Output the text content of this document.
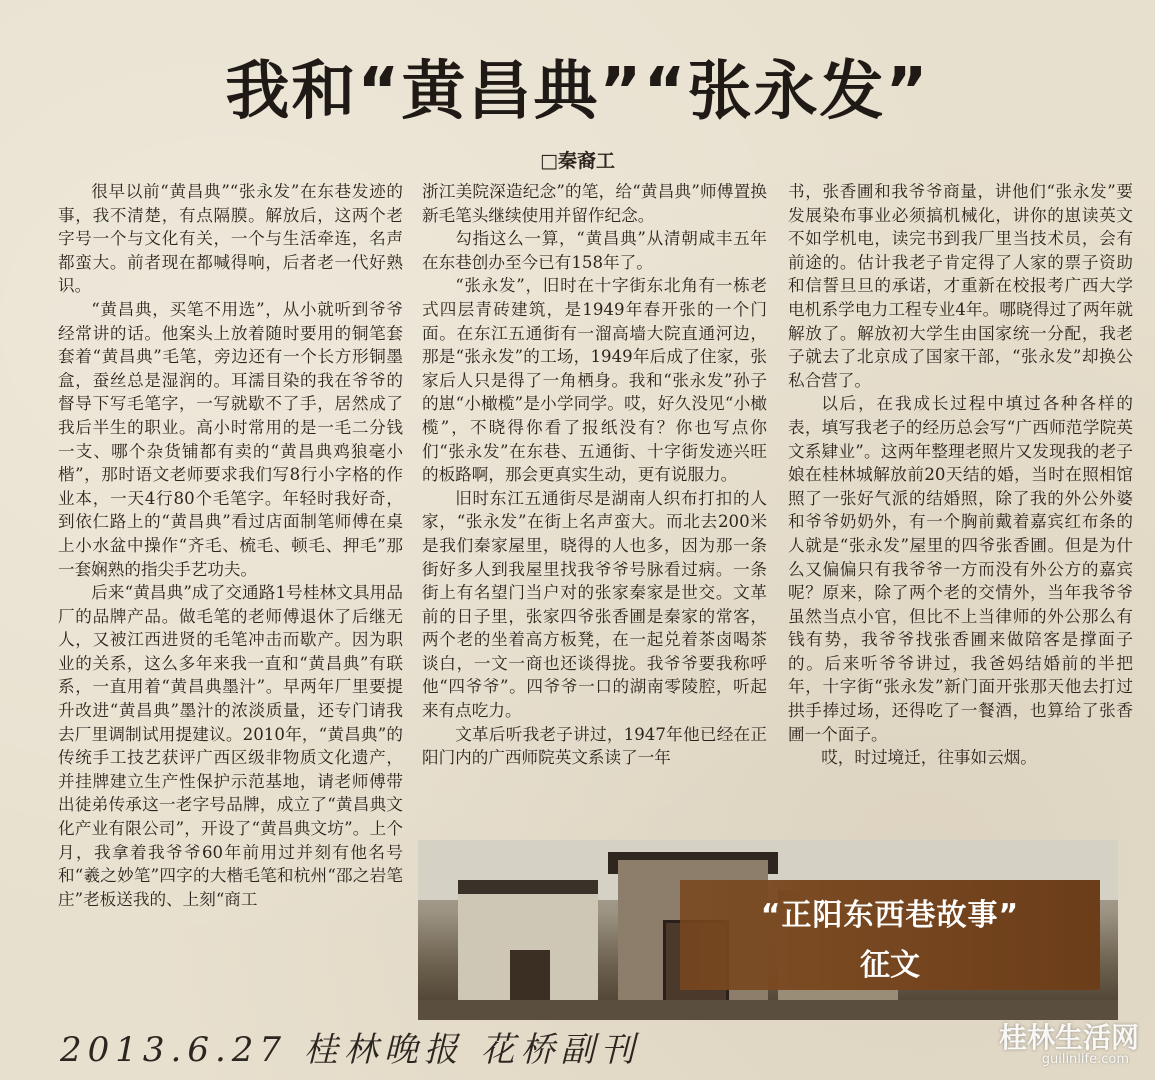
我和“黄昌典”“张永发”
□秦裔工

很早以前“黄昌典”“张永发”在东巷发迹的事，我不清楚，有点隔膜。解放后，这两个老字号一个与文化有关，一个与生活牵连，名声都蛮大。前者现在都喊得响，后者老一代好熟识。

“黄昌典，买笔不用选”，从小就听到爷爷经常讲的话。他案头上放着随时要用的铜笔套套着“黄昌典”毛笔，旁边还有一个长方形铜墨盒，蚕丝总是湿润的。耳濡目染的我在爷爷的督导下写毛笔字，一写就歇不了手，居然成了我后半生的职业。高小时常用的是一毛二分钱一支、哪个杂货铺都有卖的“黄昌典鸡狼毫小楷”，那时语文老师要求我们写8行小字格的作业本，一天4行80个毛笔字。年轻时我好奇，到依仁路上的“黄昌典”看过店面制笔师傅在桌上小水盆中操作“齐毛、梳毛、顿毛、押毛”那一套娴熟的指尖手艺功夫。

后来“黄昌典”成了交通路1号桂林文具用品厂的品牌产品。做毛笔的老师傅退休了后继无人，又被江西进贤的毛笔冲击而歇产。因为职业的关系，这么多年来我一直和“黄昌典”有联系，一直用着“黄昌典墨汁”。早两年厂里要提升改进“黄昌典”墨汁的浓淡质量，还专门请我去厂里调制试用提建议。2010年，“黄昌典”的传统手工技艺获评广西区级非物质文化遗产，并挂牌建立生产性保护示范基地，请老师傅带出徒弟传承这一老字号品牌，成立了“黄昌典文化产业有限公司”，开设了“黄昌典文坊”。上个月，我拿着我爷爷60年前用过并刻有他名号和“羲之妙笔”四字的大楷毛笔和杭州“邵之岩笔庄”老板送我的、上刻“商工

浙江美院深造纪念”的笔，给“黄昌典”师傅置换新毛笔头继续使用并留作纪念。

勾指这么一算，“黄昌典”从清朝咸丰五年在东巷创办至今已有158年了。

“张永发”，旧时在十字街东北角有一栋老式四层青砖建筑，是1949年春开张的一个门面。在东江五通街有一溜高墙大院直通河边，那是“张永发”的工场，1949年后成了住家，张家后人只是得了一角栖身。我和“张永发”孙子的崽“小橄榄”是小学同学。哎，好久没见“小橄榄”，不晓得你看了报纸没有？你也写点你们“张永发”在东巷、五通街、十字街发迹兴旺的板路啊，那会更真实生动，更有说服力。

旧时东江五通街尽是湖南人织布打扣的人家，“张永发”在街上名声蛮大。而北去200米是我们秦家屋里，晓得的人也多，因为那一条街好多人到我屋里找我爷爷号脉看过病。一条街上有名望门当户对的张家秦家是世交。文革前的日子里，张家四爷张香圃是秦家的常客，两个老的坐着高方板凳，在一起兑着茶卤喝茶谈白，一文一商也还谈得拢。我爷爷要我称呼他“四爷爷”。四爷爷一口的湖南零陵腔，听起来有点吃力。

文革后听我老子讲过，1947年他已经在正阳门内的广西师院英文系读了一年

书，张香圃和我爷爷商量，讲他们“张永发”要发展染布事业必须搞机械化，讲你的崽读英文不如学机电，读完书到我厂里当技术员，会有前途的。估计我老子肯定得了人家的票子资助和信誓旦旦的承诺，才重新在校报考广西大学电机系学电力工程专业4年。哪晓得过了两年就解放了。解放初大学生由国家统一分配，我老子就去了北京成了国家干部，“张永发”却换公私合营了。

以后，在我成长过程中填过各种各样的表，填写我老子的经历总会写“广西师范学院英文系肄业”。这两年整理老照片又发现我的老子娘在桂林城解放前20天结的婚，当时在照相馆照了一张好气派的结婚照，除了我的外公外婆和爷爷奶奶外，有一个胸前戴着嘉宾红布条的人就是“张永发”屋里的四爷张香圃。但是为什么又偏偏只有我爷爷一方而没有外公方的嘉宾呢？原来，除了两个老的交情外，当年我爷爷虽然当点小官，但比不上当律师的外公那么有钱有势，我爷爷找张香圃来做陪客是撑面子的。后来听爷爷讲过，我爸妈结婚前的半把年，十字街“张永发”新门面开张那天他去打过拱手捧过场，还得吃了一餐酒，也算给了张香圃一个面子。

哎，时过境迁，往事如云烟。

“正阳东西巷故事”
征文
2013.6.27 桂林晚报 花桥副刊	桂林生活网
guilinlife.com
